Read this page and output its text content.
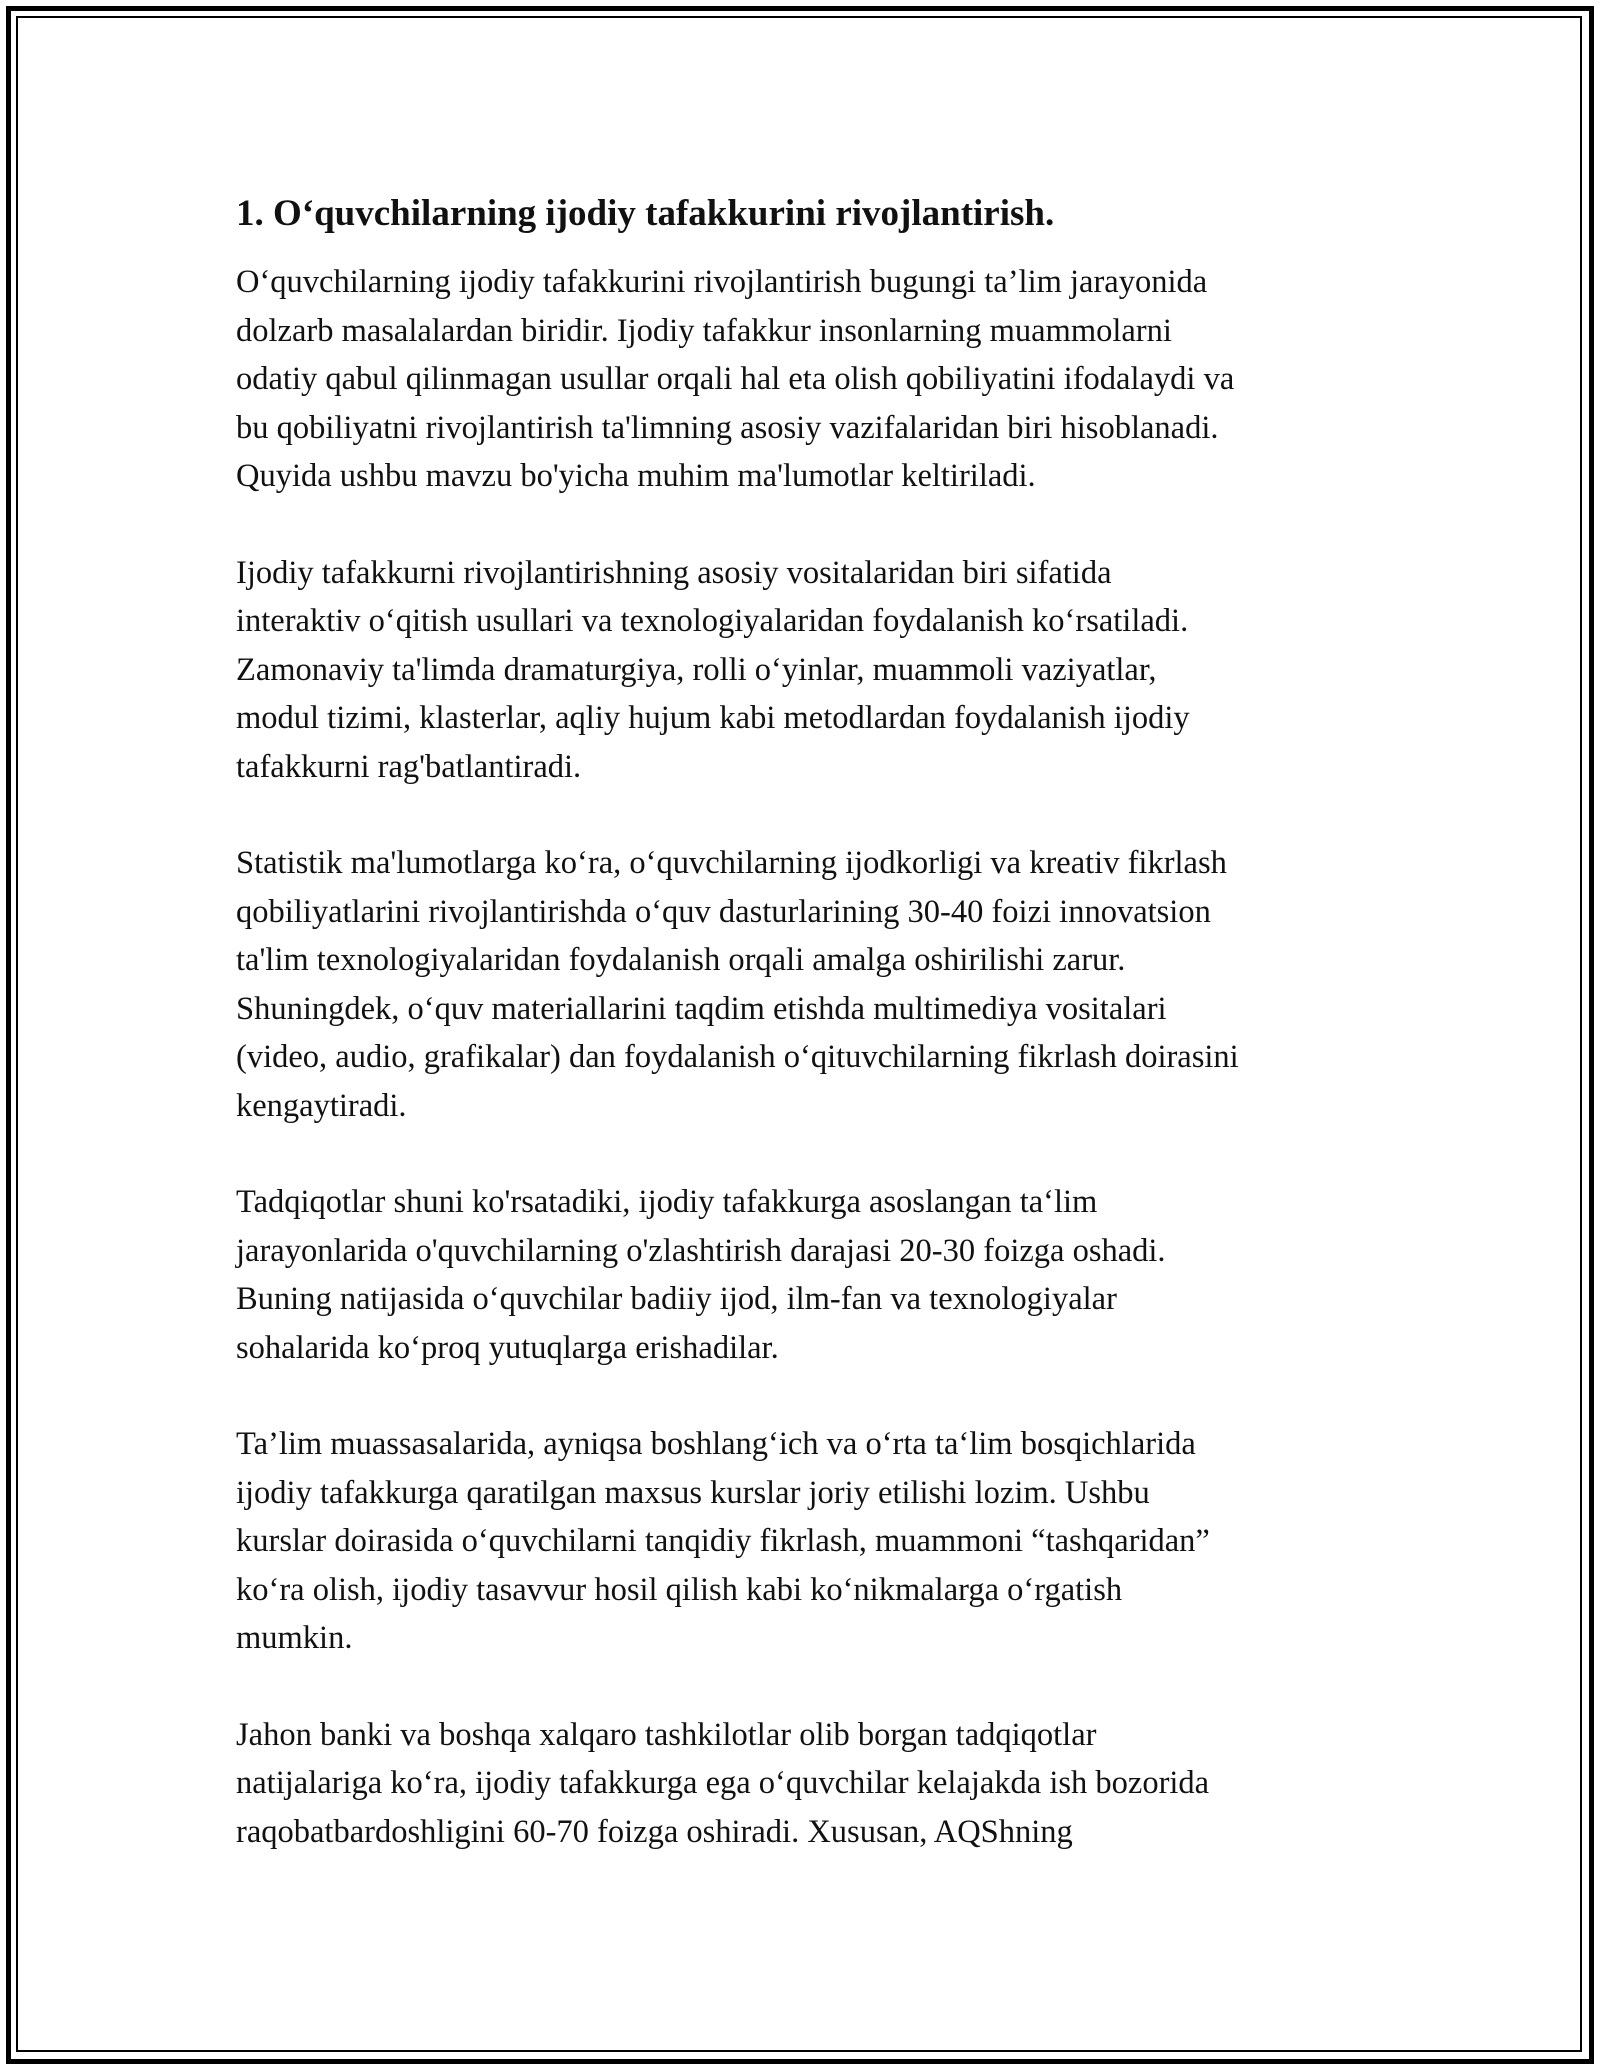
1. O‘quvchilarning ijodiy tafakkurini rivojlantirish.
O‘quvchilarning ijodiy tafakkurini rivojlantirish bugungi ta’lim jarayonida
dolzarb masalalardan biridir. Ijodiy tafakkur insonlarning muammolarni
odatiy qabul qilinmagan usullar orqali hal eta olish qobiliyatini ifodalaydi va
bu qobiliyatni rivojlantirish ta'limning asosiy vazifalaridan biri hisoblanadi.
Quyida ushbu mavzu bo'yicha muhim ma'lumotlar keltiriladi.
Ijodiy tafakkurni rivojlantirishning asosiy vositalaridan biri sifatida
interaktiv o‘qitish usullari va texnologiyalaridan foydalanish ko‘rsatiladi.
Zamonaviy ta'limda dramaturgiya, rolli o‘yinlar, muammoli vaziyatlar,
modul tizimi, klasterlar, aqliy hujum kabi metodlardan foydalanish ijodiy
tafakkurni rag'batlantiradi.
Statistik ma'lumotlarga ko‘ra, o‘quvchilarning ijodkorligi va kreativ fikrlash
qobiliyatlarini rivojlantirishda o‘quv dasturlarining 30-40 foizi innovatsion
ta'lim texnologiyalaridan foydalanish orqali amalga oshirilishi zarur.
Shuningdek, o‘quv materiallarini taqdim etishda multimediya vositalari
(video, audio, grafikalar) dan foydalanish o‘qituvchilarning fikrlash doirasini
kengaytiradi.
Tadqiqotlar shuni ko'rsatadiki, ijodiy tafakkurga asoslangan ta‘lim
jarayonlarida o'quvchilarning o'zlashtirish darajasi 20-30 foizga oshadi.
Buning natijasida o‘quvchilar badiiy ijod, ilm-fan va texnologiyalar
sohalarida ko‘proq yutuqlarga erishadilar.
Ta’lim muassasalarida, ayniqsa boshlang‘ich va o‘rta ta‘lim bosqichlarida
ijodiy tafakkurga qaratilgan maxsus kurslar joriy etilishi lozim. Ushbu
kurslar doirasida o‘quvchilarni tanqidiy fikrlash, muammoni “tashqaridan”
ko‘ra olish, ijodiy tasavvur hosil qilish kabi ko‘nikmalarga o‘rgatish
mumkin.
Jahon banki va boshqa xalqaro tashkilotlar olib borgan tadqiqotlar
natijalariga ko‘ra, ijodiy tafakkurga ega o‘quvchilar kelajakda ish bozorida
raqobatbardoshligini 60-70 foizga oshiradi. Xususan, AQShning
